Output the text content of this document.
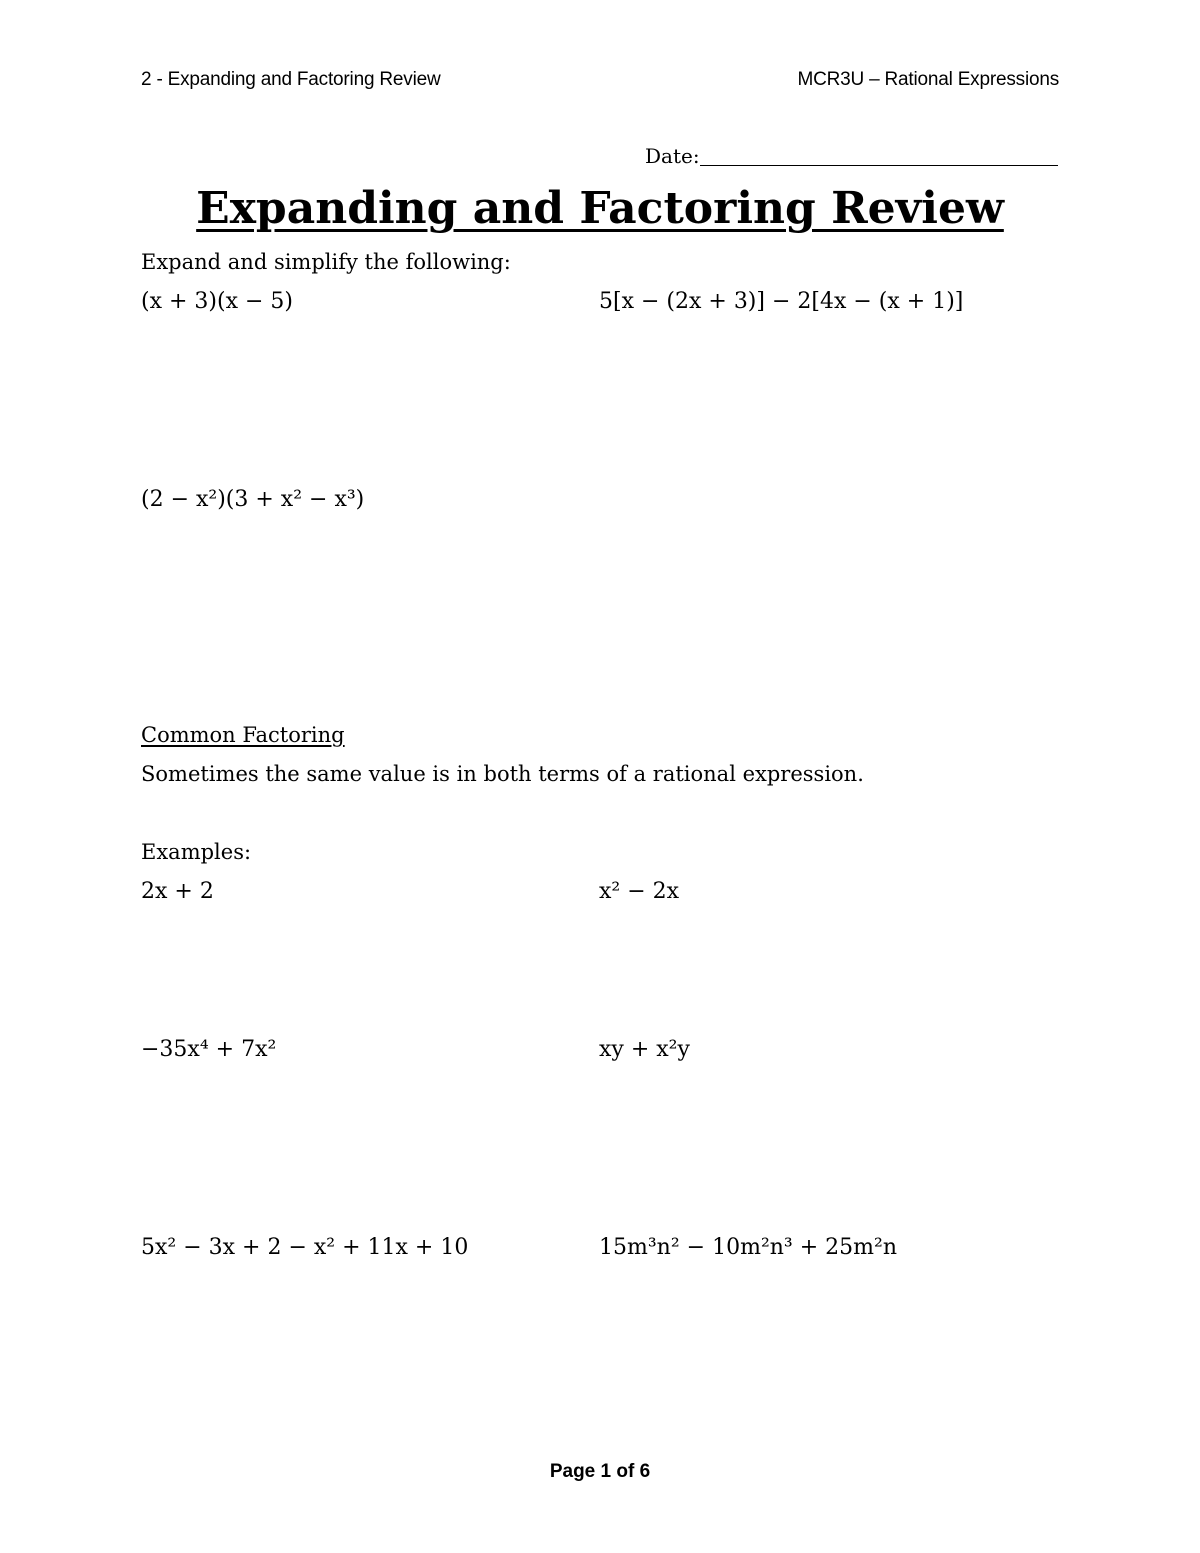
2 - Expanding and Factoring Review	MCR3U – Rational Expressions
Date:
Expanding and Factoring Review
Expand and simplify the following:
(x + 3)(x − 5)	5[x − (2x + 3)] − 2[4x − (x + 1)]
(2 − x²)(3 + x² − x³)
Common Factoring
Sometimes the same value is in both terms of a rational expression.
Examples:
2x + 2	x² − 2x
−35x⁴ + 7x²	xy + x²y
5x² − 3x + 2 − x² + 11x + 10	15m³n² − 10m²n³ + 25m²n
Page 1 of 6
